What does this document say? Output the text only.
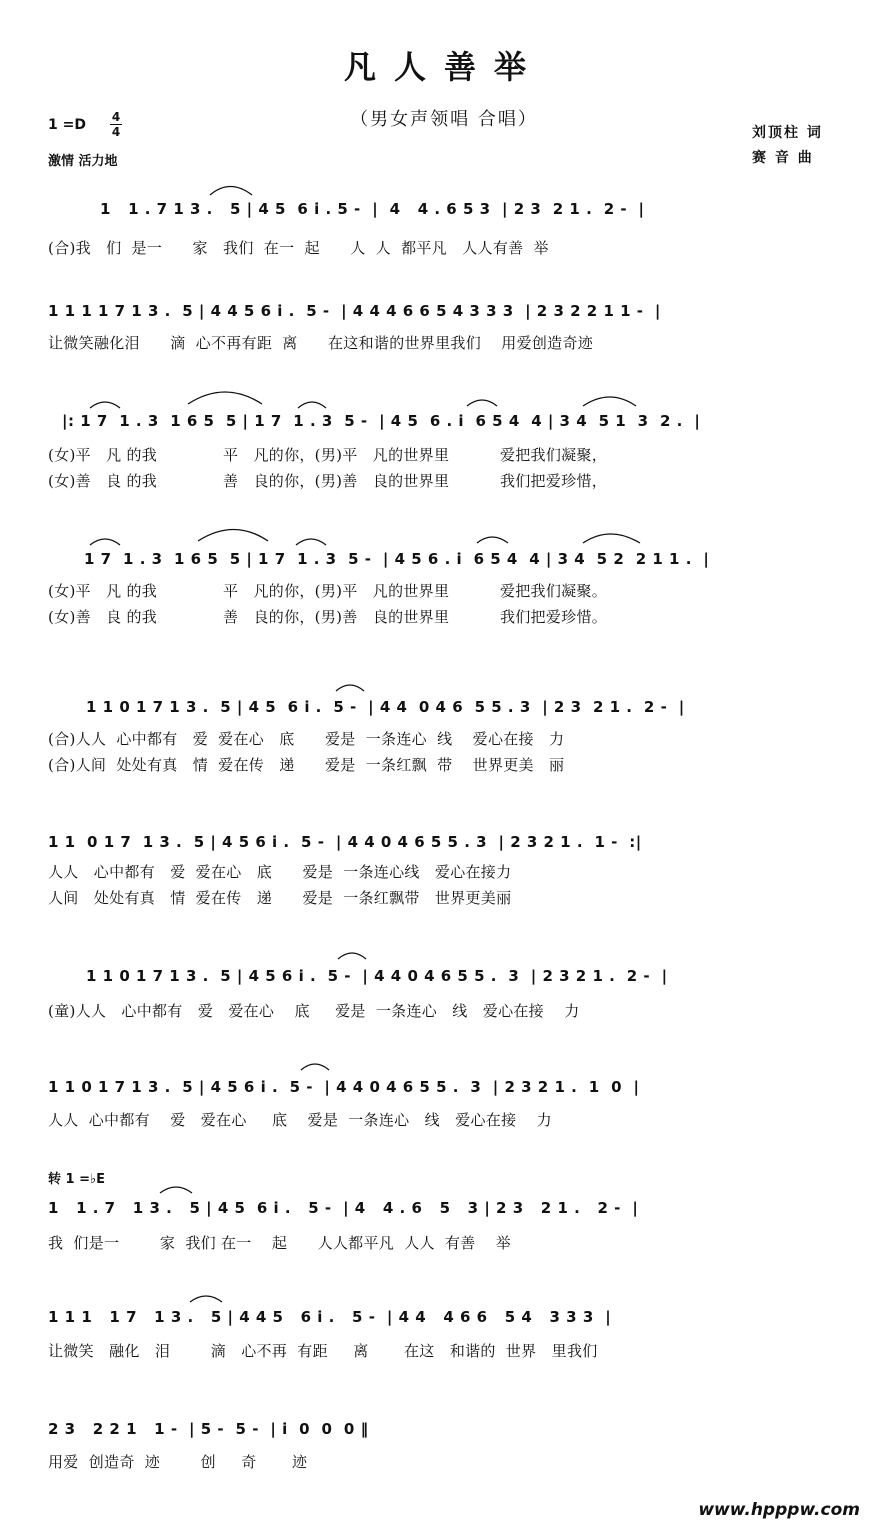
凡人善举
（男女声领唱 合唱）
1 =D	4
4
激情 活力地
刘顶柱 词
赛 音 曲
1   1 . 7 1 3 .   5 | 4 5  6 i . 5 -  |  4   4 . 6 5 3  | 2 3  2 1 .  2 -  |
(合)我   们  是一      家   我们  在一  起      人  人  都平凡   人人有善  举
1 1 1 1 7 1 3 .  5 | 4 4 5 6 i .  5 -  | 4 4 4 6 6 5 4 3 3 3  | 2 3 2 2 1 1 -  |
让微笑融化泪      滴  心不再有距  离      在这和谐的世界里我们    用爱创造奇迹
|: 1 7  1 . 3  1 6 5  5 | 1 7  1 . 3  5 -  | 4 5  6 . i  6 5 4  4 | 3 4  5 1  3  2 .  |
(女)平   凡 的我             平   凡的你，(男)平   凡的世界里          爱把我们凝聚，
(女)善   良 的我             善   良的你，(男)善   良的世界里          我们把爱珍惜，
1 7  1 . 3  1 6 5  5 | 1 7  1 . 3  5 -  | 4 5 6 . i  6 5 4  4 | 3 4  5 2  2 1 1 .  |
(女)平   凡 的我             平   凡的你，(男)平   凡的世界里          爱把我们凝聚。
(女)善   良 的我             善   良的你，(男)善   良的世界里          我们把爱珍惜。
1 1 0 1 7 1 3 .  5 | 4 5  6 i .  5 -  | 4 4  0 4 6  5 5 . 3  | 2 3  2 1 .  2 -  |
(合)人人  心中都有   爱  爱在心   底      爱是  一条连心  线    爱心在接   力
(合)人间  处处有真   情  爱在传   递      爱是  一条红飘  带    世界更美   丽
1 1  0 1 7  1 3 .  5 | 4 5 6 i .  5 -  | 4 4 0 4 6 5 5 . 3  | 2 3 2 1 .  1 -  :|
人人   心中都有   爱  爱在心   底      爱是  一条连心线   爱心在接力
人间   处处有真   情  爱在传   递      爱是  一条红飘带   世界更美丽
1 1 0 1 7 1 3 .  5 | 4 5 6 i .  5 -  | 4 4 0 4 6 5 5 .  3  | 2 3 2 1 .  2 -  |
(童)人人   心中都有   爱   爱在心    底     爱是  一条连心   线   爱心在接    力
1 1 0 1 7 1 3 .  5 | 4 5 6 i .  5 -  | 4 4 0 4 6 5 5 .  3  | 2 3 2 1 .  1  0  |
人人  心中都有    爱   爱在心     底    爱是  一条连心   线   爱心在接    力
转 1 =♭E
1   1 . 7   1 3 .   5 | 4 5  6 i .   5 -  | 4   4 . 6   5   3 | 2 3   2 1 .   2 -  |
我  们是一        家  我们 在一    起      人人都平凡  人人  有善    举
1 1 1   1 7   1 3 .   5 | 4 4 5   6 i .   5 -  | 4 4   4 6 6   5 4   3 3 3  |
让微笑   融化   泪        滴   心不再  有距     离       在这   和谐的  世界   里我们
2 3   2 2 1   1 -  | 5 -  5 -  | i  0  0  0 ‖
用爱  创造奇  迹        创     奇       迹
www.hpppw.com
